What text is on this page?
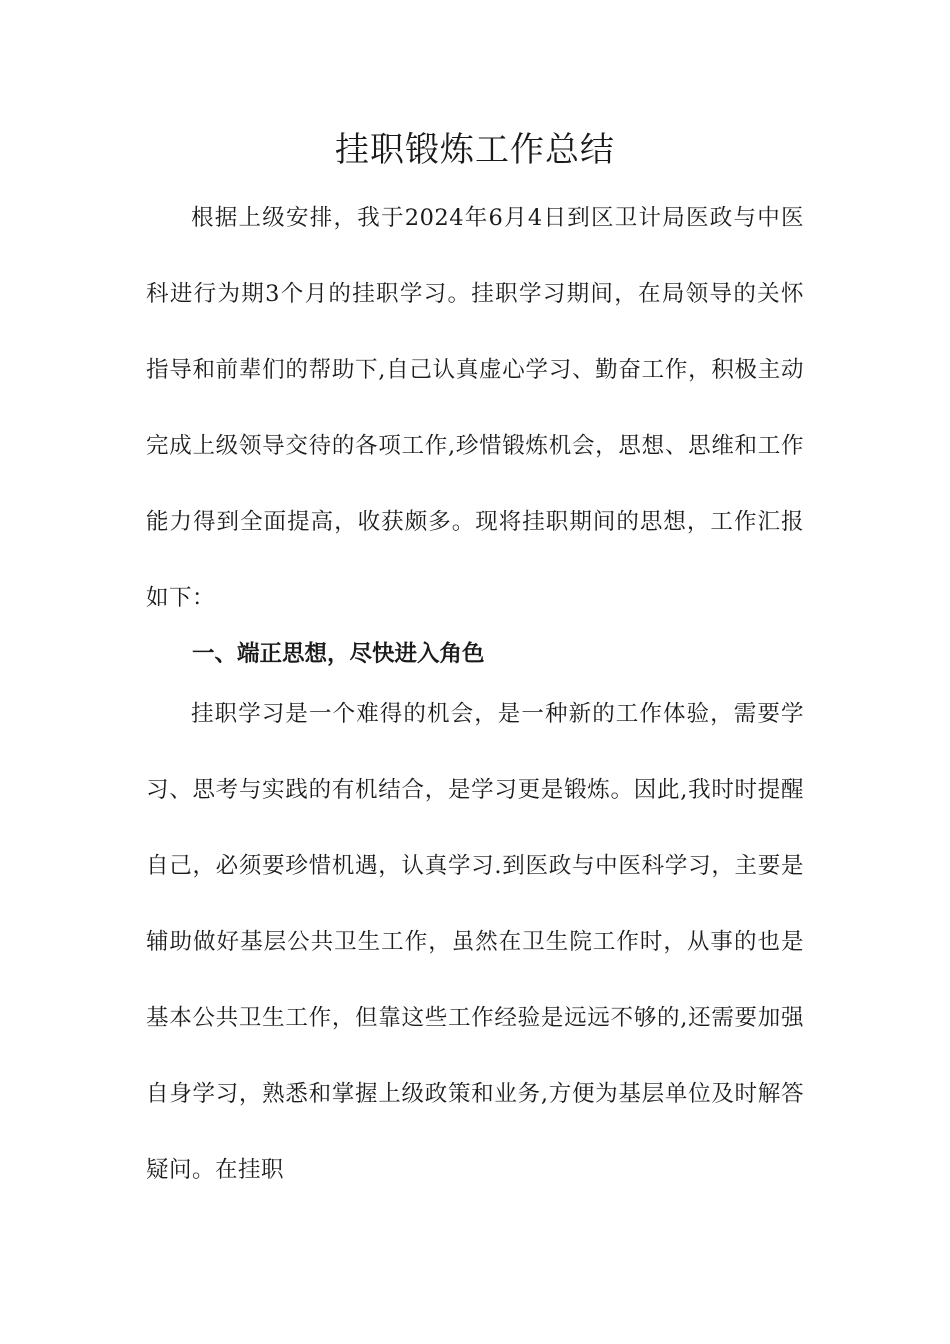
挂职锻炼工作总结

根据上级安排，我于2024年6月4日到区卫计局医政与中医科进行为期3个月的挂职学习。挂职学习期间，在局领导的关怀指导和前辈们的帮助下,自己认真虚心学习、勤奋工作，积极主动完成上级领导交待的各项工作,珍惜锻炼机会，思想、思维和工作能力得到全面提高，收获颇多。现将挂职期间的思想，工作汇报如下：

一、端正思想，尽快进入角色

挂职学习是一个难得的机会，是一种新的工作体验，需要学习、思考与实践的有机结合，是学习更是锻炼。因此,我时时提醒自己，必须要珍惜机遇，认真学习.到医政与中医科学习，主要是辅助做好基层公共卫生工作，虽然在卫生院工作时，从事的也是基本公共卫生工作，但靠这些工作经验是远远不够的,还需要加强自身学习，熟悉和掌握上级政策和业务,方便为基层单位及时解答疑问。在挂职
